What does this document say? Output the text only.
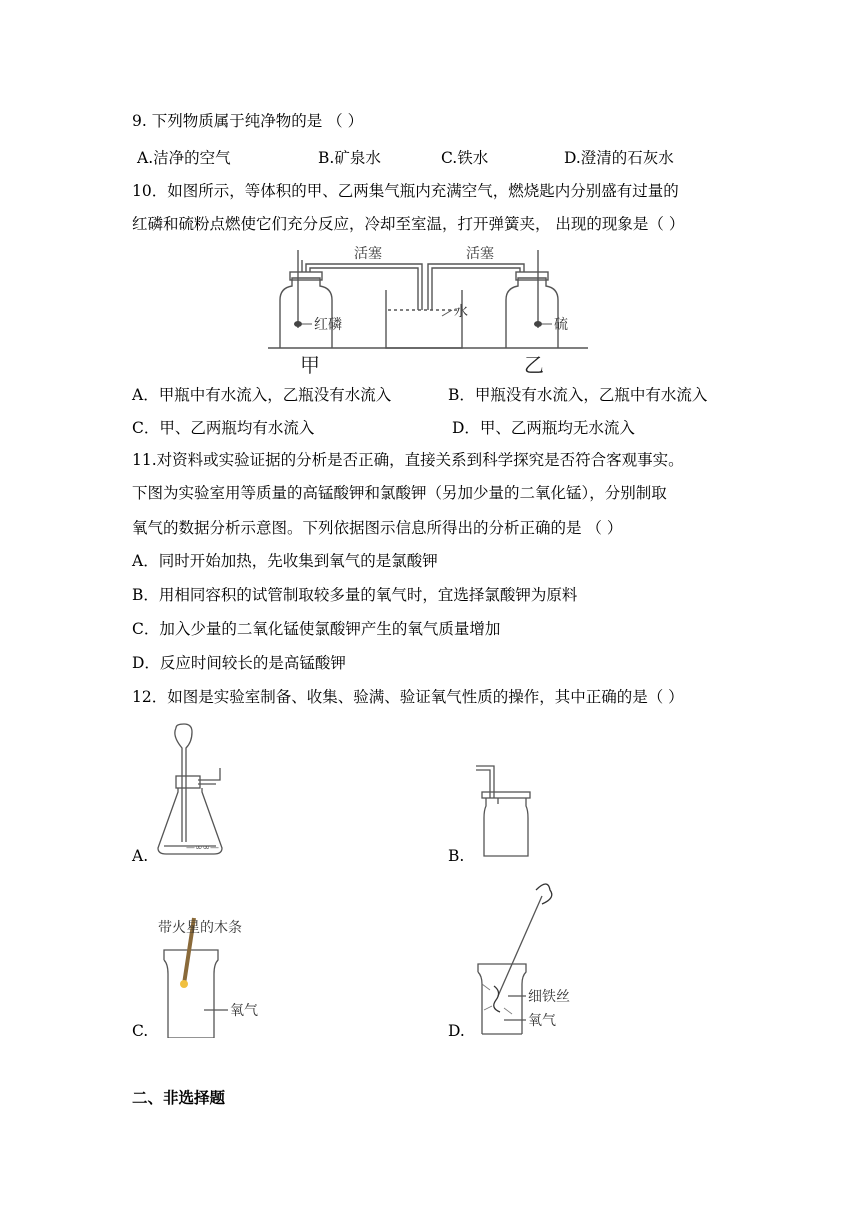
9. 下列物质属于纯净物的是 （ ）
A.洁净的空气	B.矿泉水	C.铁水	D.澄清的石灰水
10．如图所示，等体积的甲、乙两集气瓶内充满空气，燃烧匙内分别盛有过量的
红磷和硫粉点燃使它们充分反应，冷却至室温，打开弹簧夹， 出现的现象是（ ）
活塞	活塞
红磷
水
硫
甲	乙
A．甲瓶中有水流入，乙瓶没有水流入	B．甲瓶没有水流入，乙瓶中有水流入
C．甲、乙两瓶均有水流入	D．甲、乙两瓶均无水流入
11.对资料或实验证据的分析是否正确，直接关系到科学探究是否符合客观事实。
下图为实验室用等质量的高锰酸钾和氯酸钾（另加少量的二氧化锰），分别制取
氧气的数据分析示意图。下列依据图示信息所得出的分析正确的是 （ ）
A．同时开始加热，先收集到氧气的是氯酸钾
B．用相同容积的试管制取较多量的氧气时，宜选择氯酸钾为原料
C．加入少量的二氧化锰使氯酸钾产生的氧气质量增加
D．反应时间较长的是高锰酸钾
12．如图是实验室制备、收集、验满、验证氧气性质的操作，其中正确的是（ ）
—∞∞—
A.	B.
带火星的木条
氧气
C.
细铁丝
氧气
D.
二、非选择题
